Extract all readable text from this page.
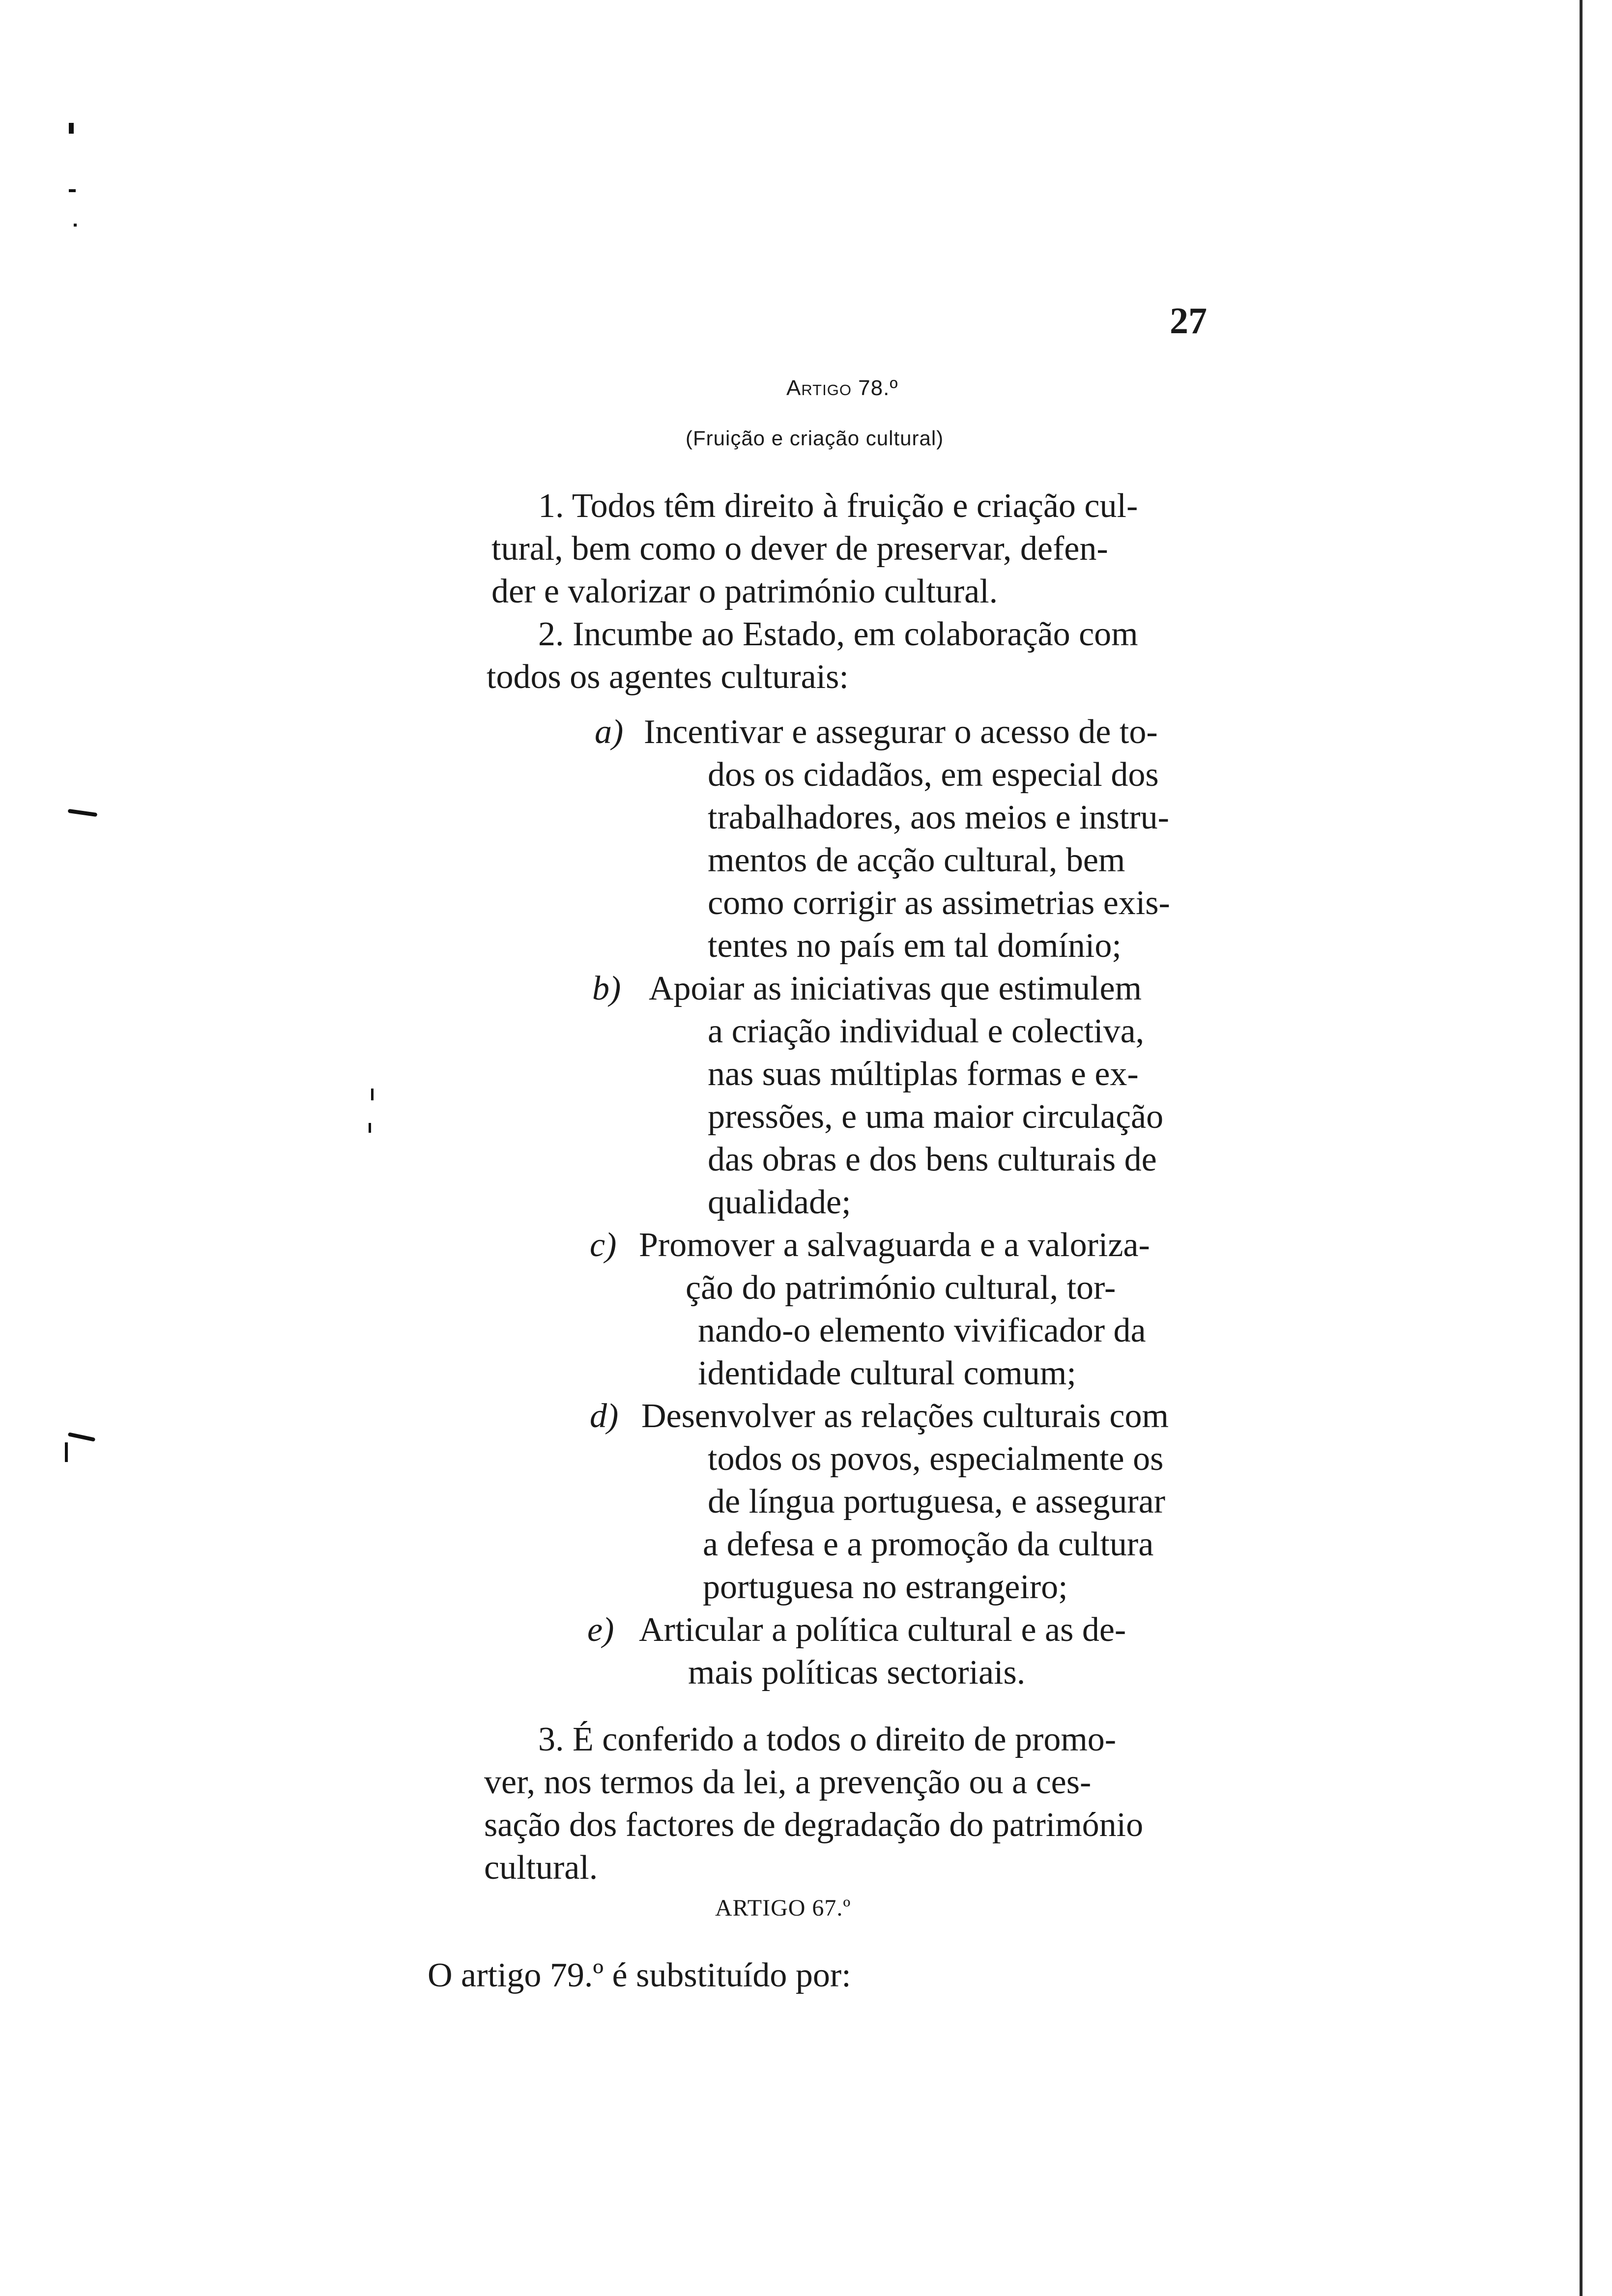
27
Artigo 78.º
(Fruição e criação cultural)
1. Todos têm direito à fruição e criação cul-
tural, bem como o dever de preservar, defen-
der e valorizar o património cultural.
2. Incumbe ao Estado, em colaboração com
todos os agentes culturais:
a) Incentivar e assegurar o acesso de to-
dos os cidadãos, em especial dos
trabalhadores, aos meios e instru-
mentos de acção cultural, bem
como corrigir as assimetrias exis-
tentes no país em tal domínio;
b) Apoiar as iniciativas que estimulem
a criação individual e colectiva,
nas suas múltiplas formas e ex-
pressões, e uma maior circulação
das obras e dos bens culturais de
qualidade;
c) Promover a salvaguarda e a valoriza-
ção do património cultural, tor-
nando-o elemento vivificador da
identidade cultural comum;
d) Desenvolver as relações culturais com
todos os povos, especialmente os
de língua portuguesa, e assegurar
a defesa e a promoção da cultura
portuguesa no estrangeiro;
e) Articular a política cultural e as de-
mais políticas sectoriais.
3. É conferido a todos o direito de promo-
ver, nos termos da lei, a prevenção ou a ces-
sação dos factores de degradação do património
cultural.
ARTIGO 67.º
O artigo 79.º é substituído por:
